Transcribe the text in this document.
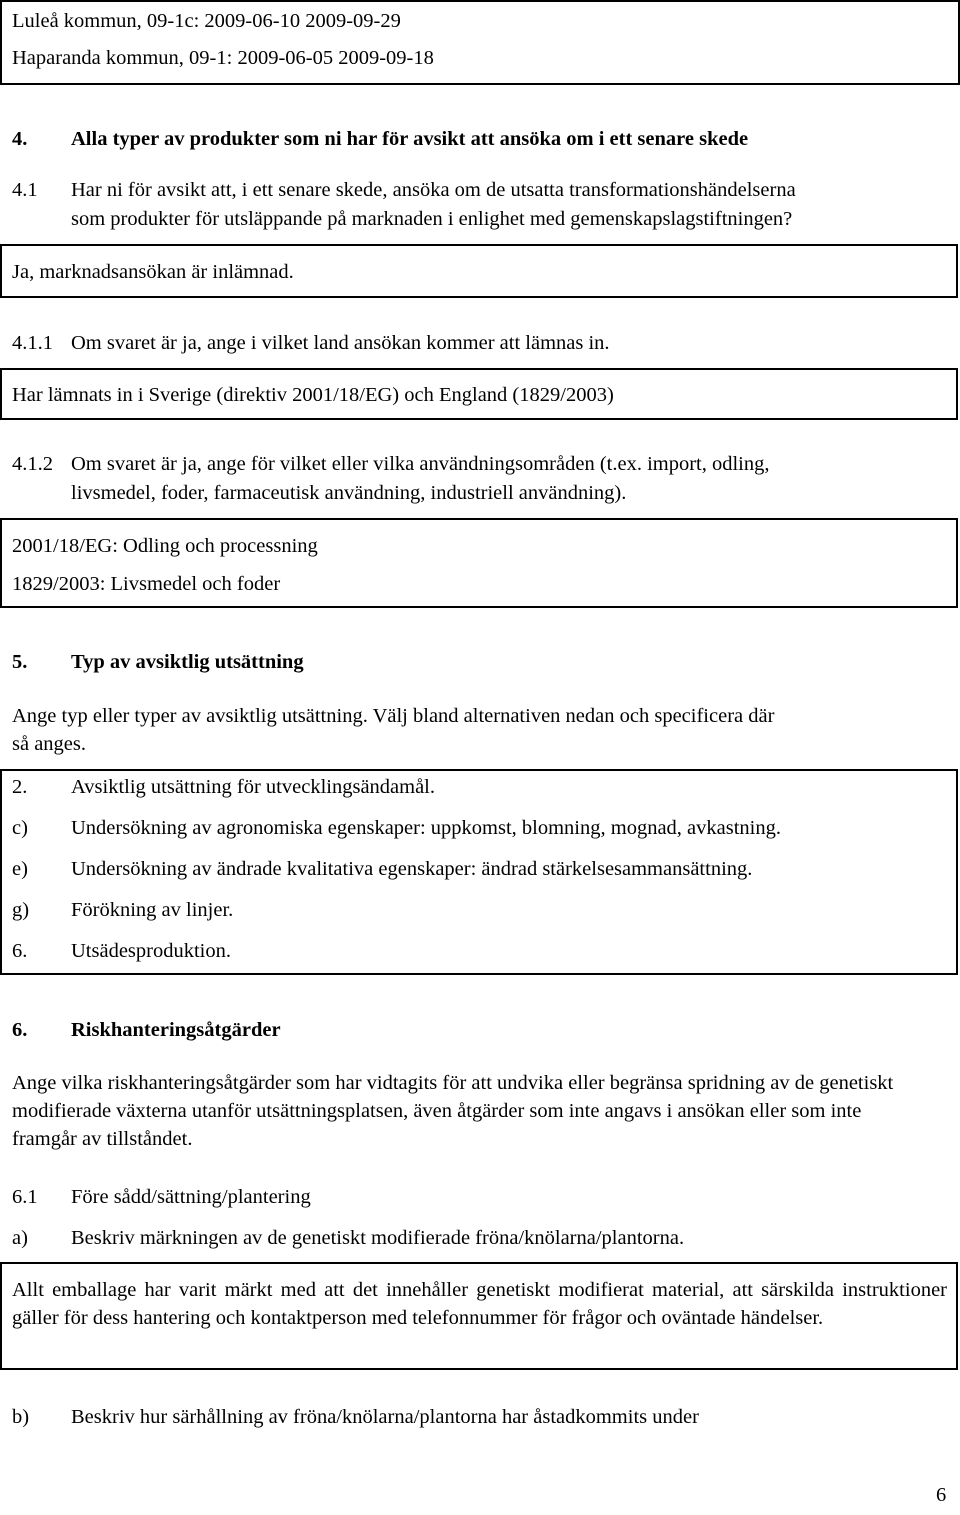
Luleå kommun, 09-1c: 2009-06-10 2009-09-29
Haparanda kommun, 09-1: 2009-06-05 2009-09-18
4. Alla typer av produkter som ni har för avsikt att ansöka om i ett senare skede
4.1 Har ni för avsikt att, i ett senare skede, ansöka om de utsatta transformationshändelserna
som produkter för utsläppande på marknaden i enlighet med gemenskapslagstiftningen?
Ja, marknadsansökan är inlämnad.
4.1.1 Om svaret är ja, ange i vilket land ansökan kommer att lämnas in.
Har lämnats in i Sverige (direktiv 2001/18/EG) och England (1829/2003)
4.1.2 Om svaret är ja, ange för vilket eller vilka användningsområden (t.ex. import, odling,
livsmedel, foder, farmaceutisk användning, industriell användning).
2001/18/EG: Odling och processning
1829/2003: Livsmedel och foder
5. Typ av avsiktlig utsättning
Ange typ eller typer av avsiktlig utsättning. Välj bland alternativen nedan och specificera där
så anges.
2. Avsiktlig utsättning för utvecklingsändamål.
c) Undersökning av agronomiska egenskaper: uppkomst, blomning, mognad, avkastning.
e) Undersökning av ändrade kvalitativa egenskaper: ändrad stärkelsesammansättning.
g) Förökning av linjer.
6. Utsädesproduktion.
6. Riskhanteringsåtgärder
Ange vilka riskhanteringsåtgärder som har vidtagits för att undvika eller begränsa spridning av de genetiskt modifierade växterna utanför utsättningsplatsen, även åtgärder som inte angavs i ansökan eller som inte framgår av tillståndet.
6.1 Före sådd/sättning/plantering
a) Beskriv märkningen av de genetiskt modifierade fröna/knölarna/plantorna.
Allt emballage har varit märkt med att det innehåller genetiskt modifierat material, att särskilda instruktioner gäller för dess hantering och kontaktperson med telefonnummer för frågor och oväntade händelser.
b) Beskriv hur särhållning av fröna/knölarna/plantorna har åstadkommits under
6
